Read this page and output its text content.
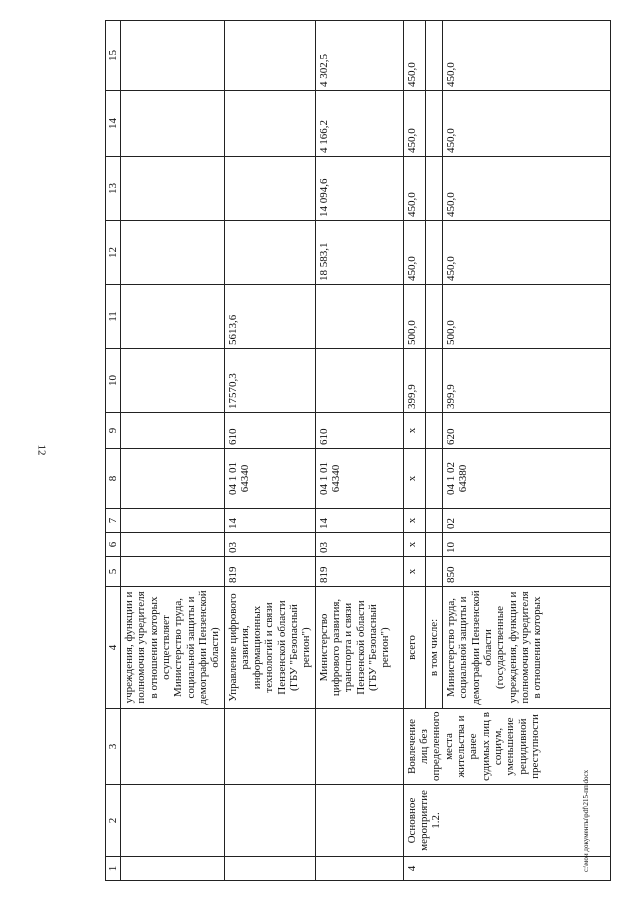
12
1	2	3	4	5	6	7	8	9	10	11	12	13	14	15
			учреждения, функции и полномочия учредителя в отношении которых осуществляет Министерство труда, социальной защиты и демографии Пензенской области)											
			Управление цифрового развития, информационных технологий и связи Пензенской области (ГБУ "Безопасный регион")	819	03	14	04 1 01 64340	610	17570,3	5613,6				
			Министерство цифрового развития, транспорта и связи Пензенской области (ГБУ "Безопасный регион")	819	03	14	04 1 01 64340	610			18 583,1	14 094,6	4 166,2	4 302,5
4	Основное мероприятие 1.2.	Вовлечение лиц без определенного места жительства и ранее судимых лиц в социум, уменьшение рецидивной преступности	всего	x	x	x	x	x	399,9	500,0	450,0	450,0	450,0	450,0
			в том числе:											
			Министерство труда, социальной защиты и демографии Пензенской области (государственные учреждения, функции и полномочия учредителя в отношении которых	850	10	02	04 1 02 64380	620	399,9	500,0	450,0	450,0	450,0	450,0
c:\мои документы\pdf\215-пп.docx
